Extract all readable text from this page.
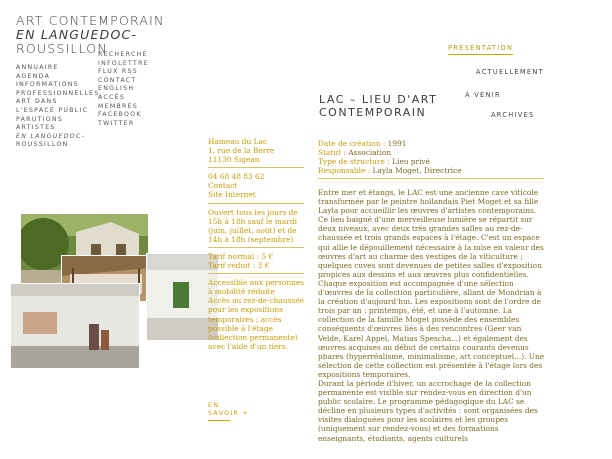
ART CONTEMPORAIN
EN LANGUEDOC-
ROUSSILLON
ANNUAIRE
AGENDA
INFORMATIONS
PROFESSIONNELLES
ART DANS
L'ESPACE PUBLIC
PARUTIONS
ARTISTES
EN LANGUEDOC-
ROUSSILLON
RECHERCHE
INFOLETTRE
FLUX RSS
CONTACT
ENGLISH
ACCÈS MEMBRES
FACEBOOK
TWITTER
PRÉSENTATION
ACTUELLEMENT
À VENIR
ARCHIVES
LAC – LIEU D'ART
CONTEMPORAIN
Hameau du Lac
1, rue de la Berre
11130 Sigean
04 68 48 83 62
Contact
Site Internet
Ouvert tous les jours de 15h à 18h sauf le mardi (juin, juillet, août) et de 14h à 18h (septembre)
Tarif normal : 5 €
Tarif réduit : 3 €
Accessible aux personnes à mobilité réduite
Accès au rez-de-chaussée pour les expositions temporaires ; accès possible à l'étage (collection permanente) avec l'aide d'un tiers.
EN
SAVOIR +
Date de création : 1991
Statut : Association
Type de structure : Lieu privé
Responsable : Layla Moget, Directrice

Entre mer et étangs, le LAC est une ancienne cave viticole transformée par le peintre hollandais Piet Moget et sa fille Layla pour accueillir les œuvres d'artistes contemporains. Ce lieu baigné d'une merveilleuse lumière se répartit sur deux niveaux, avec deux très grandes salles au rez-de-chaussée et trois grands espaces à l'étage. C'est un espace qui allie le dépouillement nécessaire à la mise en valeur des œuvres d'art au charme des vestiges de la viticulture ; quelques cuves sont devenues de petites salles d'exposition propices aux dessins et aux œuvres plus confidentielles. Chaque exposition est accompagnée d'une sélection d'œuvres de la collection particulière, allant de Mondrian à la création d'aujourd'hui. Les expositions sont de l'ordre de trois par an : printemps, été, et une à l'automne. La collection de la famille Moget possède des ensembles conséquents d'œuvres liés à des rencontres (Geer van Velde, Karel Appel, Matias Spescha...) et également des œuvres acquises au début de certains courants devenus phares (hyperréalisme, minimalisme, art conceptuel...). Une sélection de cette collection est présentée à l'étage lors des expositions temporaires.

Durant la période d'hiver, un accrochage de la collection permanente est visible sur rendez-vous en direction d'un public scolaire. Le programme pédagogique du LAC se décline en plusieurs types d'activités : sont organisées des visites dialoguées pour les scolaires et les groupes (uniquement sur rendez-vous) et des formations enseignants, étudiants, agents culturels
